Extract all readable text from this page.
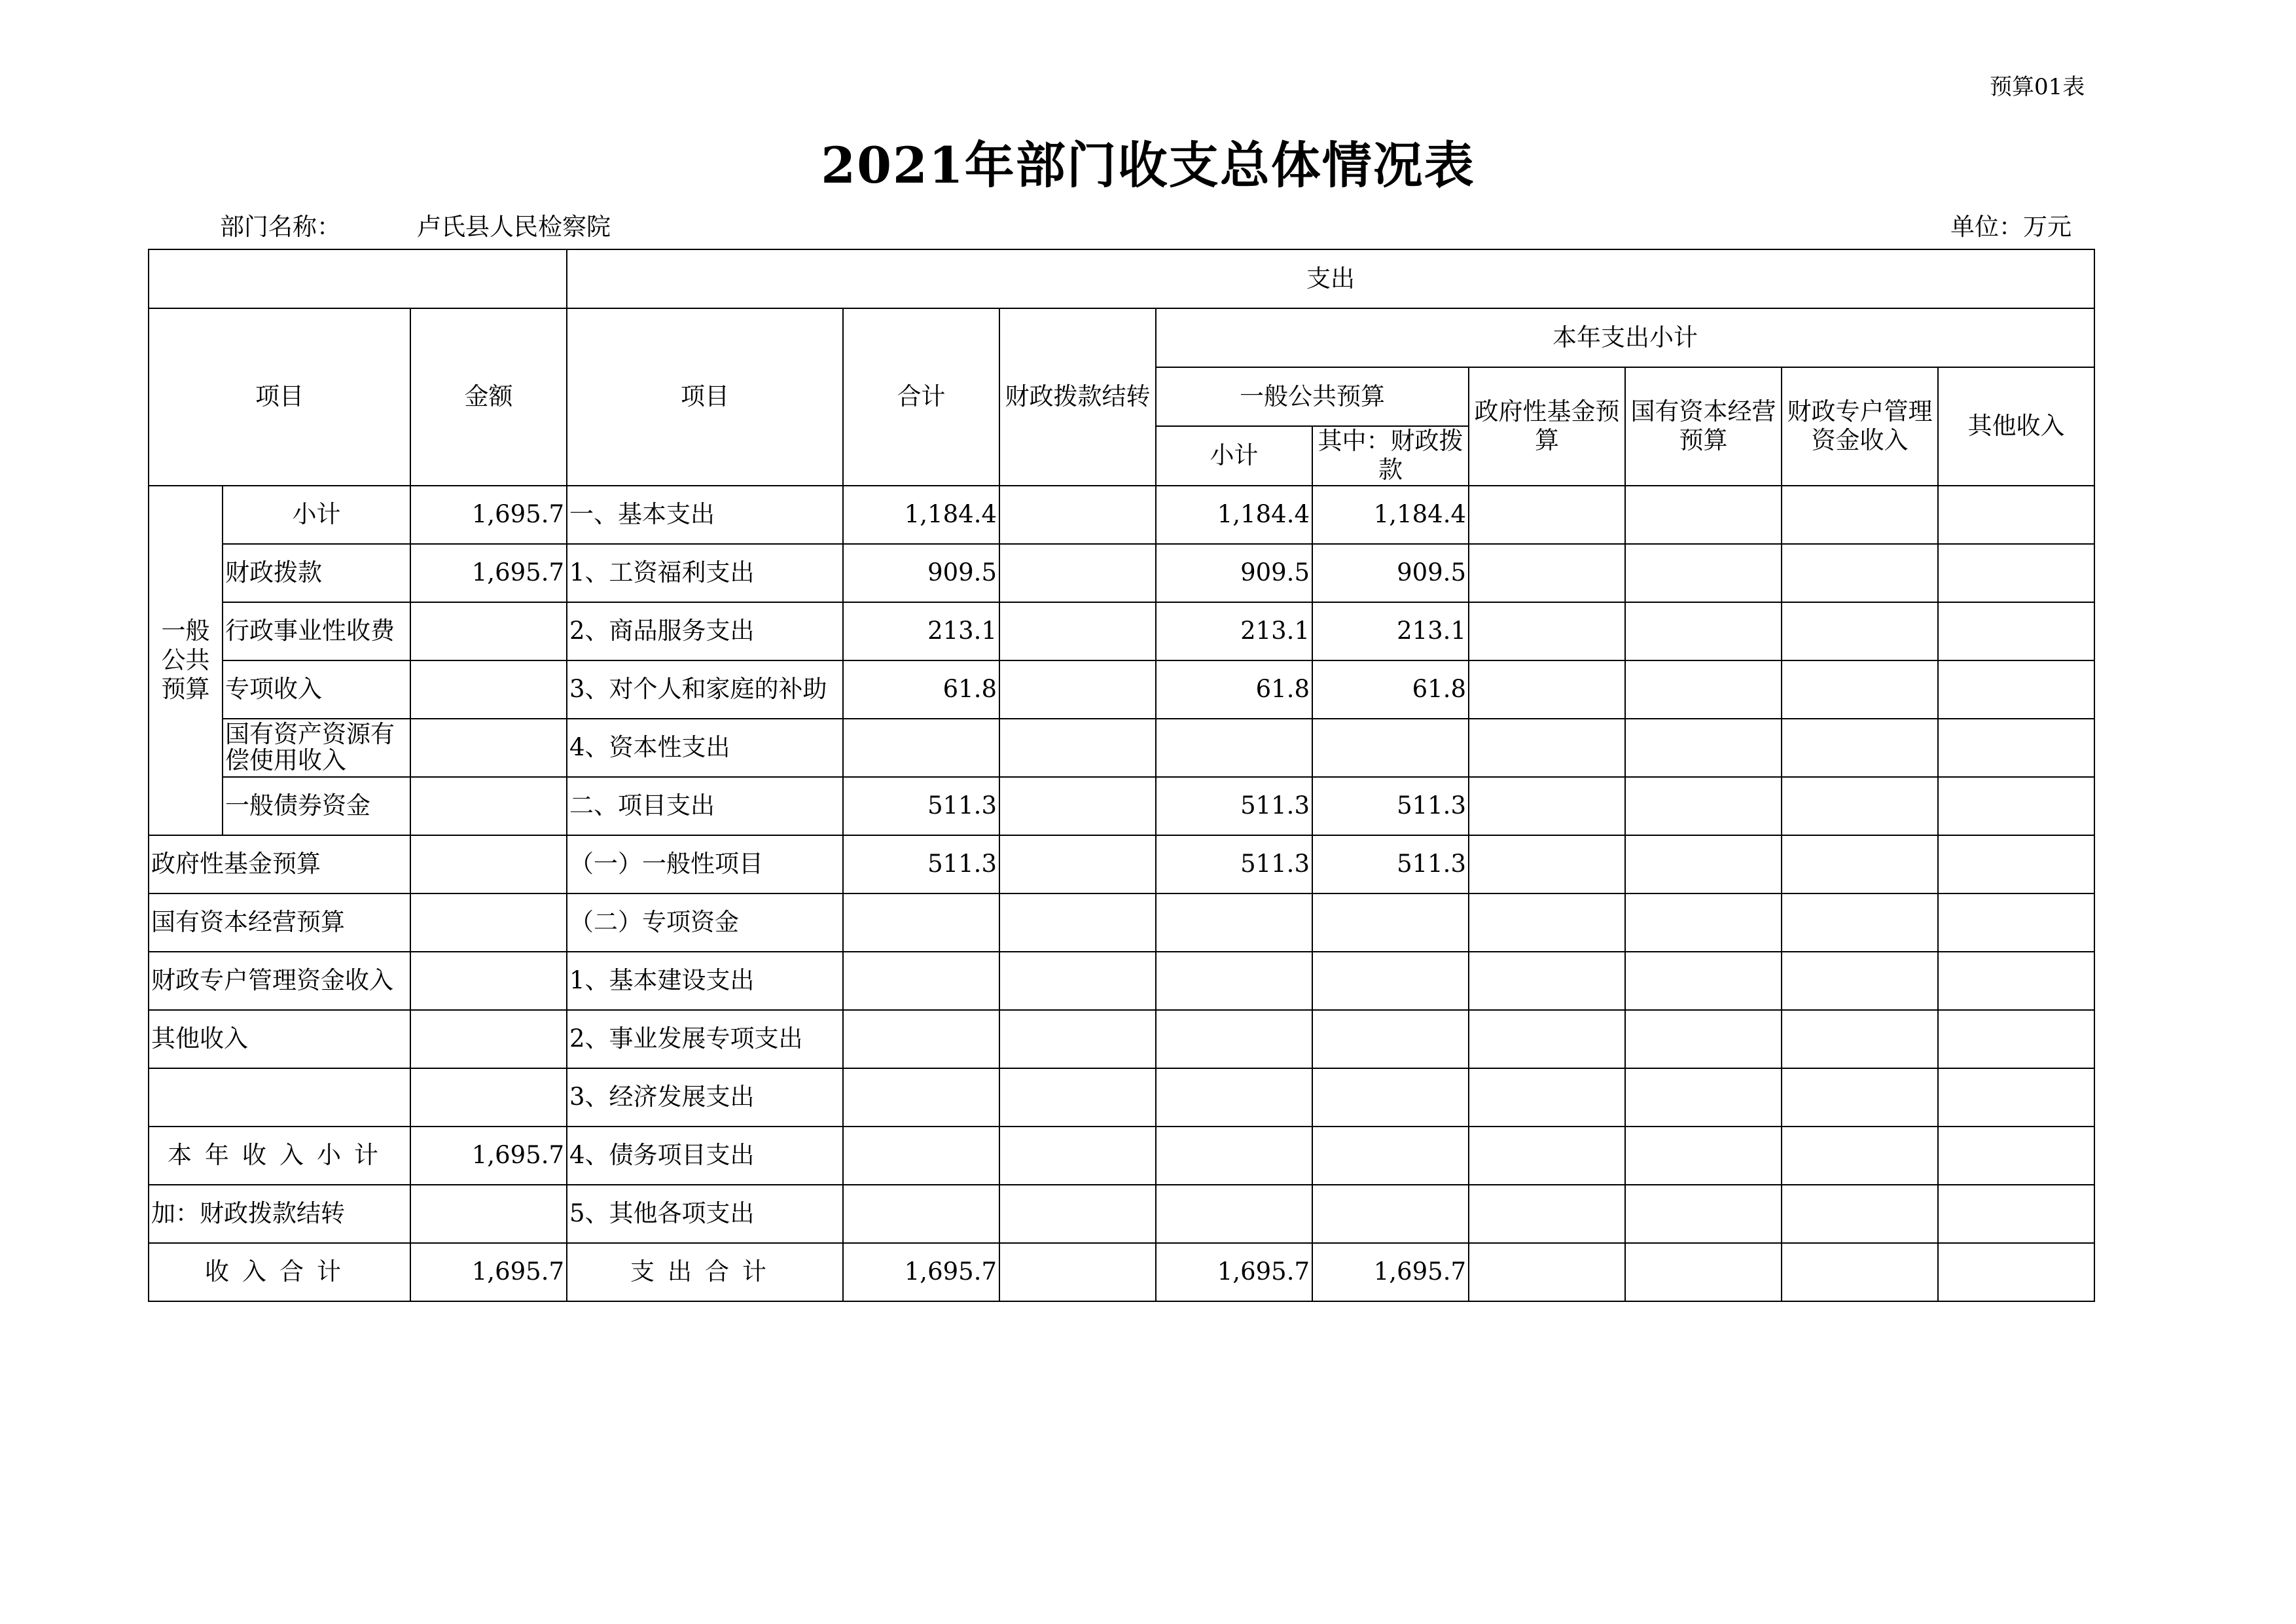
预算01表
2021年部门收支总体情况表
部门名称：	卢氏县人民检察院	单位：万元
			支出								
项目		金额	项目	合计	财政拨款结转	本年支出小计					
						一般公共预算		政府性基金预算	国有资本经营预算	财政专户管理资金收入	其他收入
						小计	其中：财政拨款				
一般公共预算	小计	1,695.7	一、基本支出	1,184.4		1,184.4	1,184.4				
	财政拨款	1,695.7	1、工资福利支出	909.5		909.5	909.5				
	行政事业性收费		2、商品服务支出	213.1		213.1	213.1				
	专项收入		3、对个人和家庭的补助	61.8		61.8	61.8				
	国有资产资源有偿使用收入		4、资本性支出								
	一般债券资金		二、项目支出	511.3		511.3	511.3				
政府性基金预算			（一）一般性项目	511.3		511.3	511.3				
国有资本经营预算			（二）专项资金								
财政专户管理资金收入			1、基本建设支出								
其他收入			2、事业发展专项支出								
			3、经济发展支出								
本年收入小计		1,695.7	4、债务项目支出								
加：财政拨款结转			5、其他各项支出								
收入合计		1,695.7	支出合计	1,695.7		1,695.7	1,695.7				
